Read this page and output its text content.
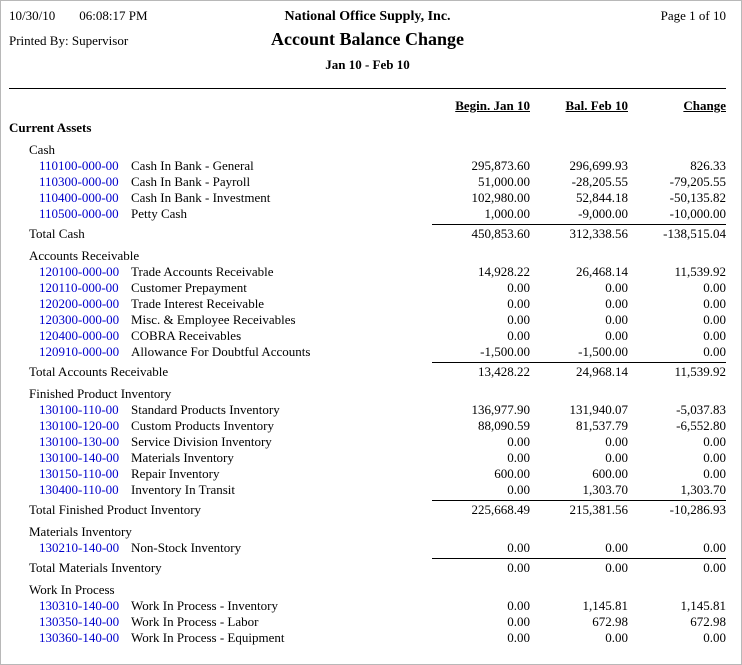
10/30/10 06:08:17 PM	National Office Supply, Inc.	Page 1 of 10
Printed By: Supervisor	Account Balance Change
Jan 10 - Feb 10
Begin. Jan 10	Bal. Feb 10	Change
Current Assets
Cash
110100-000-00 Cash In Bank - General	295,873.60	296,699.93	826.33
110300-000-00 Cash In Bank - Payroll	51,000.00	-28,205.55	-79,205.55
110400-000-00 Cash In Bank - Investment	102,980.00	52,844.18	-50,135.82
110500-000-00 Petty Cash	1,000.00	-9,000.00	-10,000.00
Total Cash	450,853.60	312,338.56	-138,515.04
Accounts Receivable
120100-000-00 Trade Accounts Receivable	14,928.22	26,468.14	11,539.92
120110-000-00 Customer Prepayment	0.00	0.00	0.00
120200-000-00 Trade Interest Receivable	0.00	0.00	0.00
120300-000-00 Misc. & Employee Receivables	0.00	0.00	0.00
120400-000-00 COBRA Receivables	0.00	0.00	0.00
120910-000-00 Allowance For Doubtful Accounts	-1,500.00	-1,500.00	0.00
Total Accounts Receivable	13,428.22	24,968.14	11,539.92
Finished Product Inventory
130100-110-00 Standard Products Inventory	136,977.90	131,940.07	-5,037.83
130100-120-00 Custom Products Inventory	88,090.59	81,537.79	-6,552.80
130100-130-00 Service Division Inventory	0.00	0.00	0.00
130100-140-00 Materials Inventory	0.00	0.00	0.00
130150-110-00 Repair Inventory	600.00	600.00	0.00
130400-110-00 Inventory In Transit	0.00	1,303.70	1,303.70
Total Finished Product Inventory	225,668.49	215,381.56	-10,286.93
Materials Inventory
130210-140-00 Non-Stock Inventory	0.00	0.00	0.00
Total Materials Inventory	0.00	0.00	0.00
Work In Process
130310-140-00 Work In Process - Inventory	0.00	1,145.81	1,145.81
130350-140-00 Work In Process - Labor	0.00	672.98	672.98
130360-140-00 Work In Process - Equipment	0.00	0.00	0.00
